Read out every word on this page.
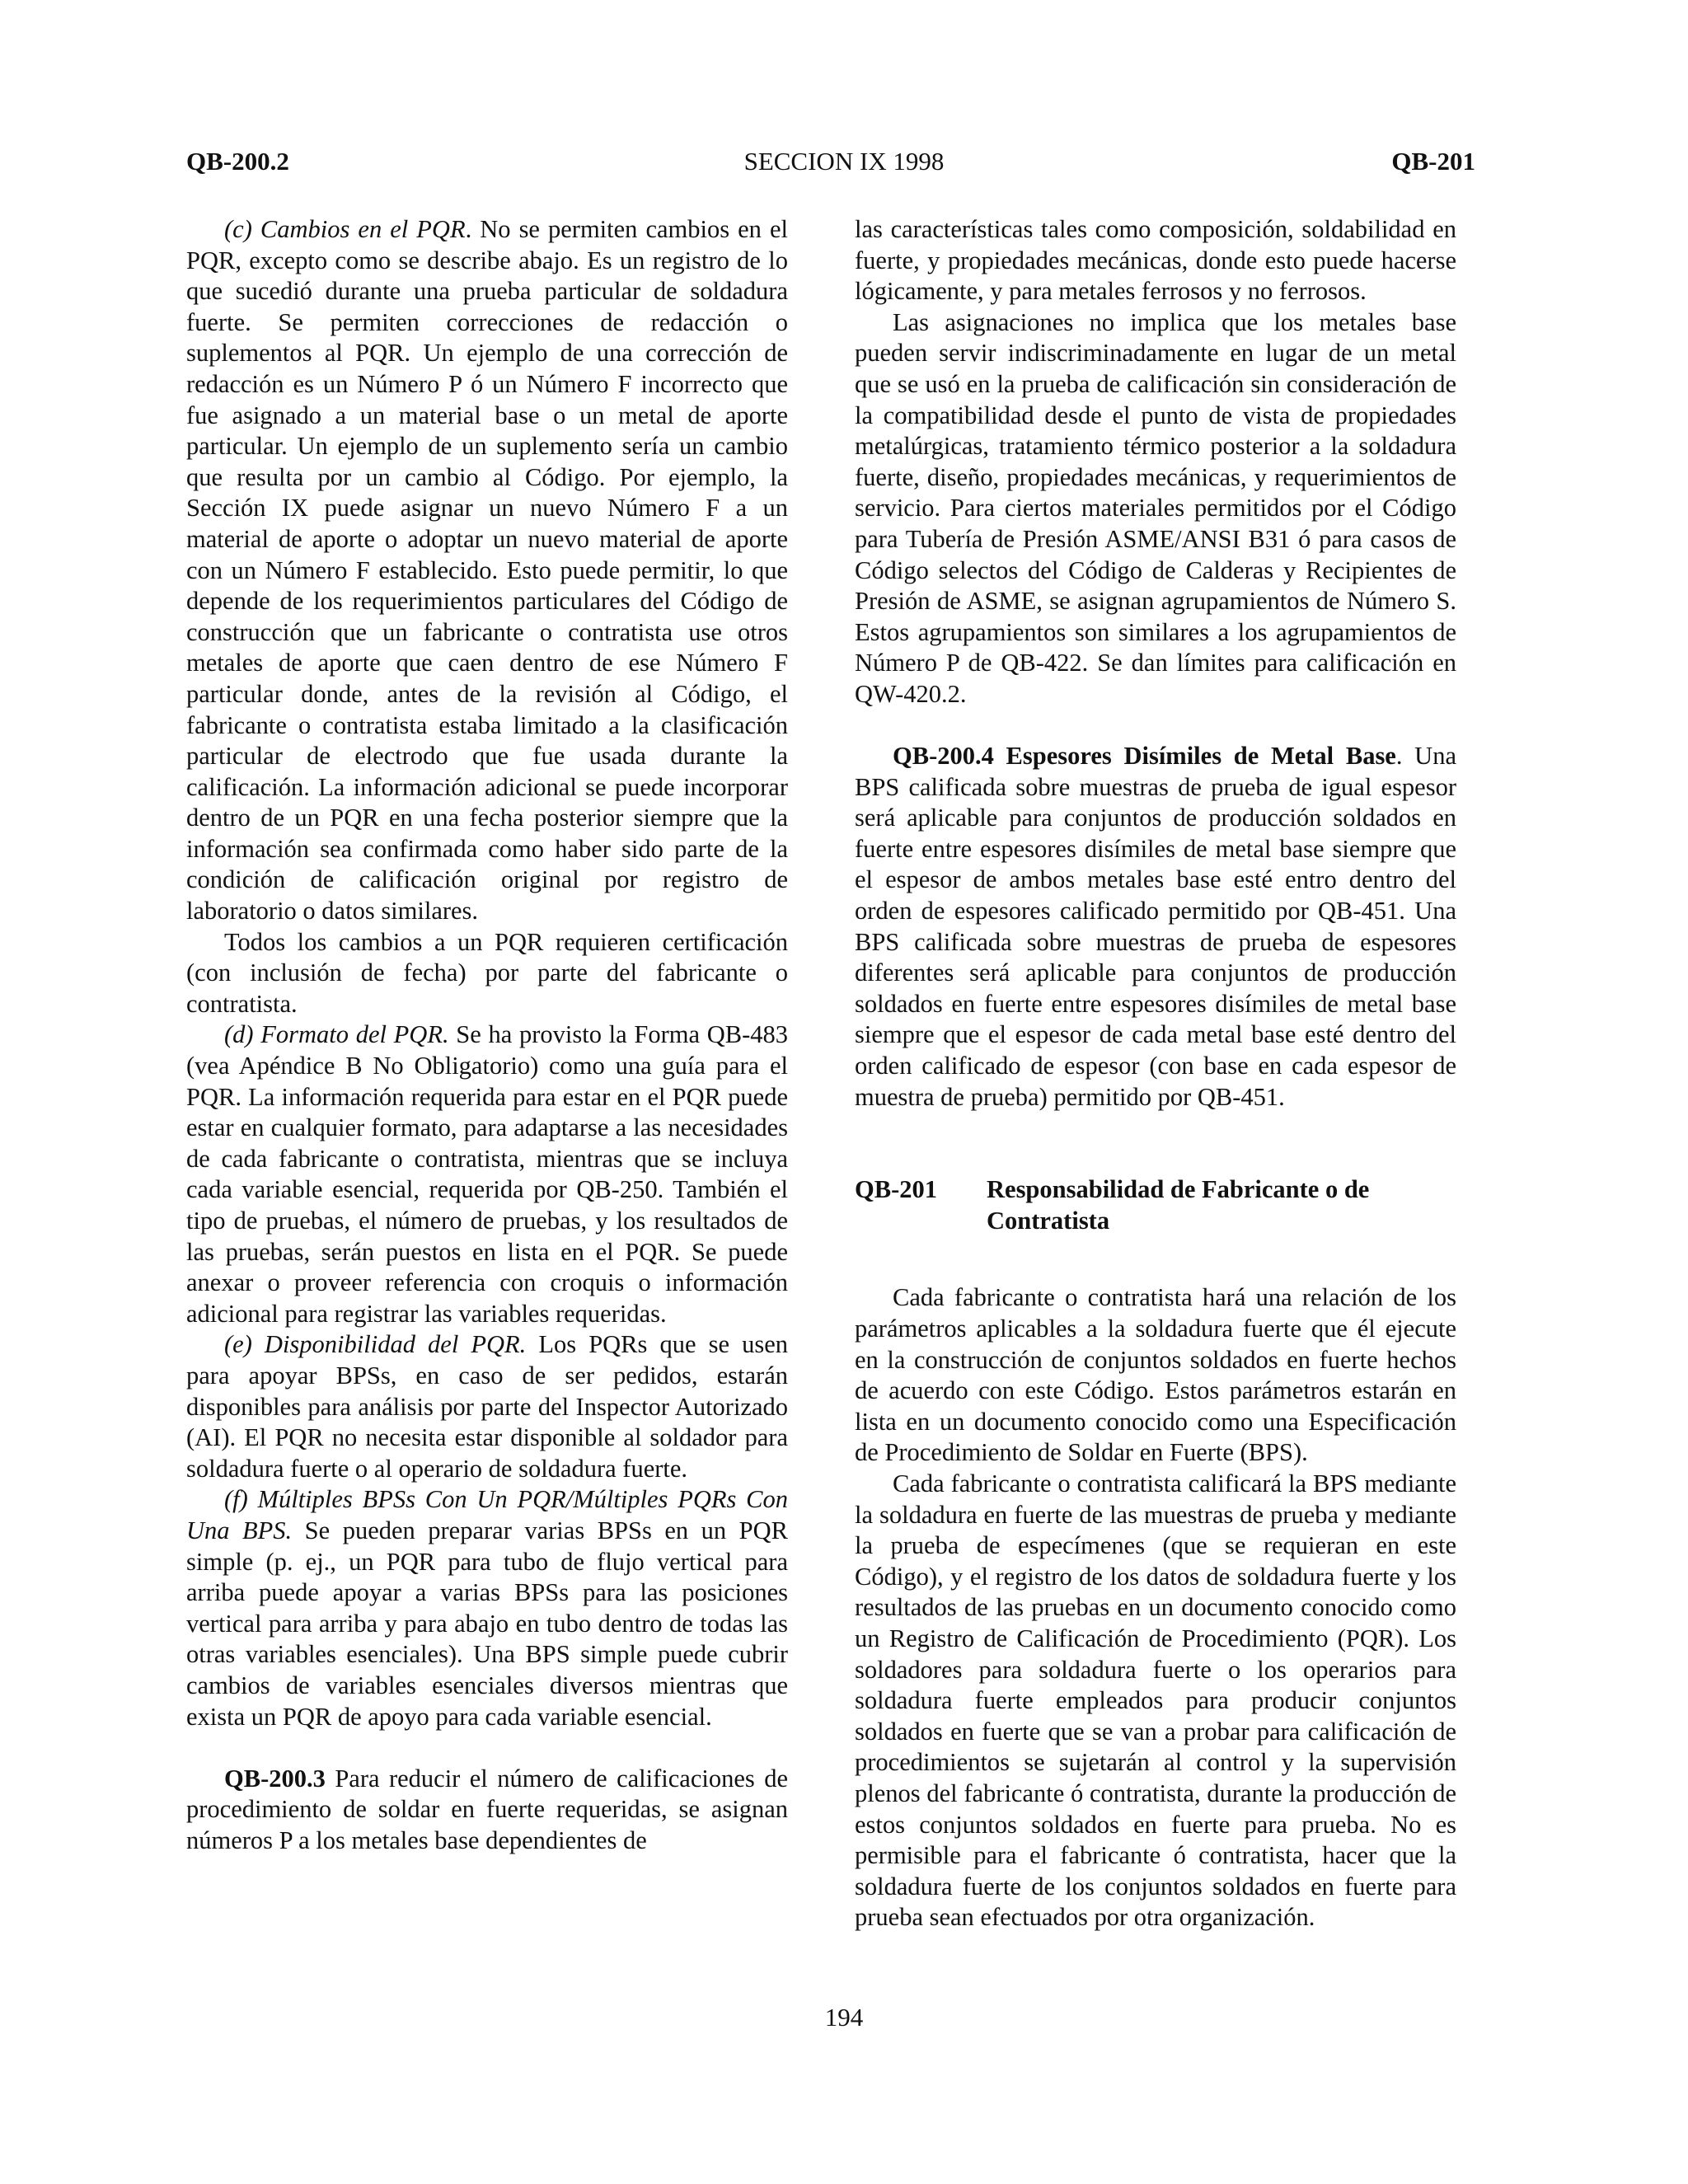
QB-200.2	SECCION IX 1998	QB-201

(c) Cambios en el PQR. No se permiten cambios en el PQR, excepto como se describe abajo. Es un registro de lo que sucedió durante una prueba particular de soldadura fuerte. Se permiten correcciones de redacción o suplementos al PQR. Un ejemplo de una corrección de redacción es un Número P ó un Número F incorrecto que fue asignado a un material base o un metal de aporte particular. Un ejemplo de un suplemento sería un cambio que resulta por un cambio al Código. Por ejemplo, la Sección IX puede asignar un nuevo Número F a un material de aporte o adoptar un nuevo material de aporte con un Número F establecido. Esto puede permitir, lo que depende de los requerimientos particulares del Código de construcción que un fabricante o contratista use otros metales de aporte que caen dentro de ese Número F particular donde, antes de la revisión al Código, el fabricante o contratista estaba limitado a la clasificación particular de electrodo que fue usada durante la calificación. La información adicional se puede incorporar dentro de un PQR en una fecha posterior siempre que la información sea confirmada como haber sido parte de la condición de calificación original por registro de laboratorio o datos similares.

Todos los cambios a un PQR requieren certificación (con inclusión de fecha) por parte del fabricante o contratista.

(d) Formato del PQR. Se ha provisto la Forma QB-483 (vea Apéndice B No Obligatorio) como una guía para el PQR. La información requerida para estar en el PQR puede estar en cualquier formato, para adaptarse a las necesidades de cada fabricante o contratista, mientras que se incluya cada variable esencial, requerida por QB-250. También el tipo de pruebas, el número de pruebas, y los resultados de las pruebas, serán puestos en lista en el PQR. Se puede anexar o proveer referencia con croquis o información adicional para registrar las variables requeridas.

(e) Disponibilidad del PQR. Los PQRs que se usen para apoyar BPSs, en caso de ser pedidos, estarán disponibles para análisis por parte del Inspector Autorizado (AI). El PQR no necesita estar disponible al soldador para soldadura fuerte o al operario de soldadura fuerte.

(f) Múltiples BPSs Con Un PQR/Múltiples PQRs Con Una BPS. Se pueden preparar varias BPSs en un PQR simple (p. ej., un PQR para tubo de flujo vertical para arriba puede apoyar a varias BPSs para las posiciones vertical para arriba y para abajo en tubo dentro de todas las otras variables esenciales). Una BPS simple puede cubrir cambios de variables esenciales diversos mientras que exista un PQR de apoyo para cada variable esencial.

QB-200.3 Para reducir el número de calificaciones de procedimiento de soldar en fuerte requeridas, se asignan números P a los metales base dependientes de

las características tales como composición, soldabilidad en fuerte, y propiedades mecánicas, donde esto puede hacerse lógicamente, y para metales ferrosos y no ferrosos.

Las asignaciones no implica que los metales base pueden servir indiscriminadamente en lugar de un metal que se usó en la prueba de calificación sin consideración de la compatibilidad desde el punto de vista de propiedades metalúrgicas, tratamiento térmico posterior a la soldadura fuerte, diseño, propiedades mecánicas, y requerimientos de servicio. Para ciertos materiales permitidos por el Código para Tubería de Presión ASME/ANSI B31 ó para casos de Código selectos del Código de Calderas y Recipientes de Presión de ASME, se asignan agrupamientos de Número S. Estos agrupamientos son similares a los agrupamientos de Número P de QB-422. Se dan límites para calificación en QW-420.2.

QB-200.4 Espesores Disímiles de Metal Base. Una BPS calificada sobre muestras de prueba de igual espesor será aplicable para conjuntos de producción soldados en fuerte entre espesores disímiles de metal base siempre que el espesor de ambos metales base esté entro dentro del orden de espesores calificado permitido por QB-451. Una BPS calificada sobre muestras de prueba de espesores diferentes será aplicable para conjuntos de producción soldados en fuerte entre espesores disímiles de metal base siempre que el espesor de cada metal base esté dentro del orden calificado de espesor (con base en cada espesor de muestra de prueba) permitido por QB-451.

QB-201	Responsabilidad de Fabricante o de Contratista

Cada fabricante o contratista hará una relación de los parámetros aplicables a la soldadura fuerte que él ejecute en la construcción de conjuntos soldados en fuerte hechos de acuerdo con este Código. Estos parámetros estarán en lista en un documento conocido como una Especificación de Procedimiento de Soldar en Fuerte (BPS).

Cada fabricante o contratista calificará la BPS mediante la soldadura en fuerte de las muestras de prueba y mediante la prueba de especímenes (que se requieran en este Código), y el registro de los datos de soldadura fuerte y los resultados de las pruebas en un documento conocido como un Registro de Calificación de Procedimiento (PQR). Los soldadores para soldadura fuerte o los operarios para soldadura fuerte empleados para producir conjuntos soldados en fuerte que se van a probar para calificación de procedimientos se sujetarán al control y la supervisión plenos del fabricante ó contratista, durante la producción de estos conjuntos soldados en fuerte para prueba. No es permisible para el fabricante ó contratista, hacer que la soldadura fuerte de los conjuntos soldados en fuerte para prueba sean efectuados por otra organización.

194
